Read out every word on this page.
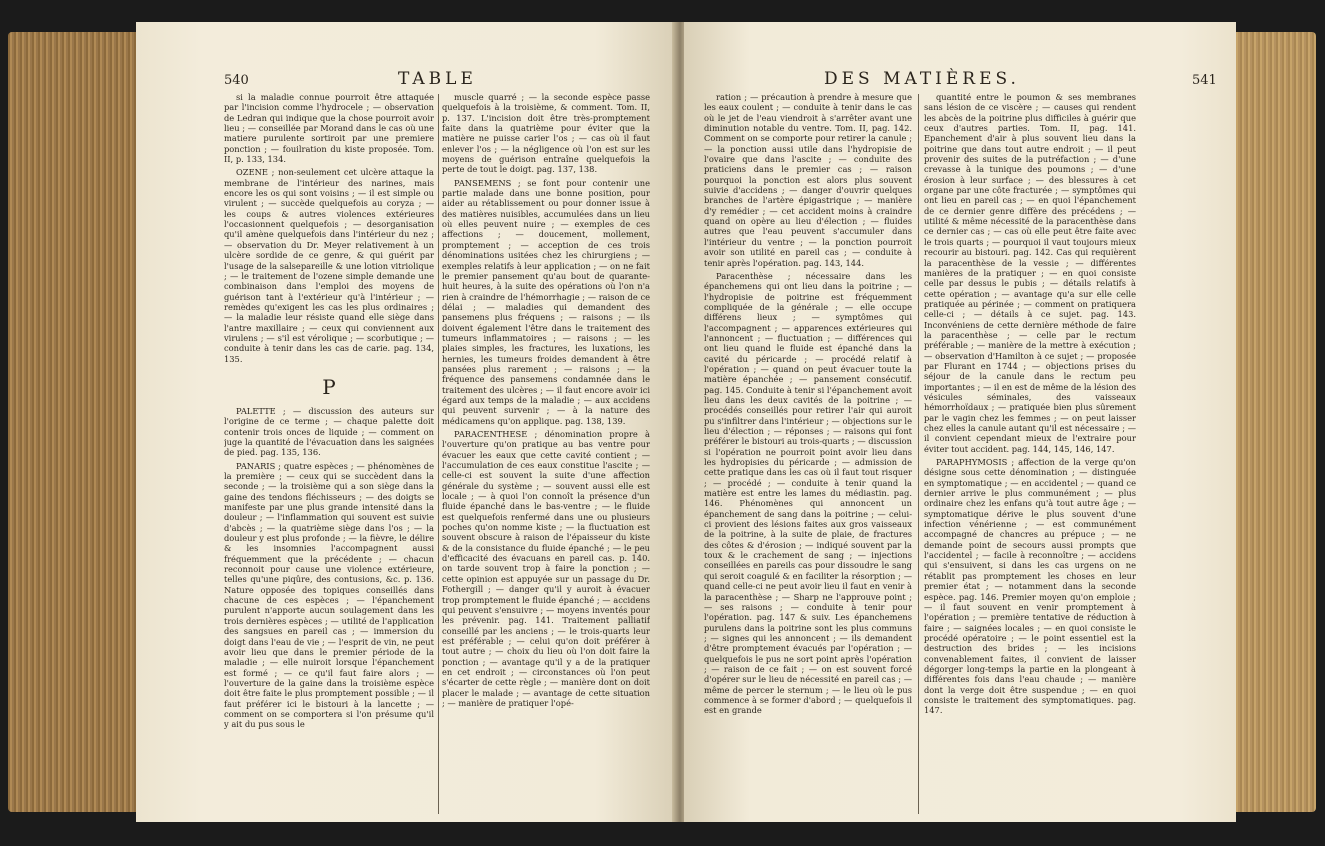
540	TABLE

si la maladie connue pourroit être attaquée par l'incision comme l'hydrocele ; — observation de Ledran qui indique que la chose pourroit avoir lieu ; — conseillée par Morand dans le cas où une matiere purulente sortiroit par une premiere ponction ; — fouilration du kiste proposée. Tom. II, p. 133, 134.

OZENE ; non-seulement cet ulcère attaque la membrane de l'intérieur des narines, mais encore les os qui sont voisins ; — il est simple ou virulent ; — succède quelquefois au coryza ; — les coups & autres violences extérieures l'occasionnent quelquefois ; — desorganisation qu'il amène quelquefois dans l'intérieur du nez ; — observation du Dr. Meyer relativement à un ulcère sordide de ce genre, & qui guérit par l'usage de la salsepareille & une lotion vitriolique ; — le traitement de l'ozene simple demande une combinaison dans l'emploi des moyens de guérison tant à l'extérieur qu'à l'intérieur ; — remèdes qu'exigent les cas les plus ordinaires ; — la maladie leur résiste quand elle siège dans l'antre maxillaire ; — ceux qui conviennent aux virulens ; — s'il est vérolique ; — scorbutique ; — conduite à tenir dans les cas de carie. pag. 134, 135.

P

PALETTE ; — discussion des auteurs sur l'origine de ce terme ; — chaque palette doit contenir trois onces de liquide ; — comment on juge la quantité de l'évacuation dans les saignées de pied. pag. 135, 136.

PANARIS ; quatre espèces ; — phénomènes de la première ; — ceux qui se succèdent dans la seconde ; — la troisième qui a son siège dans la gaine des tendons fléchisseurs ; — des doigts se manifeste par une plus grande intensité dans la douleur ; — l'inflammation qui souvent est suivie d'abcès ; — la quatrième siège dans l'os ; — la douleur y est plus profonde ; — la fièvre, le délire & les insomnies l'accompagnent aussi fréquemment que la précédente ; — chacun reconnoit pour cause une violence extérieure, telles qu'une piqûre, des contusions, &c. p. 136. Nature opposée des topiques conseillés dans chacune de ces espèces ; — l'épanchement purulent n'apporte aucun soulagement dans les trois dernières espèces ; — utilité de l'application des sangsues en pareil cas ; — immersion du doigt dans l'eau de vie ; — l'esprit de vin, ne peut avoir lieu que dans le premier période de la maladie ; — elle nuiroit lorsque l'épanchement est formé ; — ce qu'il faut faire alors ; — l'ouverture de la gaine dans la troisième espèce doit être faite le plus promptement possible ; — il faut préférer ici le bistouri à la lancette ; — comment on se comportera si l'on présume qu'il y ait du pus sous le

muscle quarré ; — la seconde espèce passe quelquefois à la troisième, & comment. Tom. II, p. 137. L'incision doit être très-promptement faite dans la quatrième pour éviter que la matière ne puisse carier l'os ; — cas où il faut enlever l'os ; — la négligence où l'on est sur les moyens de guérison entraîne quelquefois la perte de tout le doigt. pag. 137, 138.

PANSEMENS ; se font pour contenir une partie malade dans une bonne position, pour aider au rétablissement ou pour donner issue à des matières nuisibles, accumulées dans un lieu où elles peuvent nuire ; — exemples de ces affections ; — doucement, mollement, promptement ; — acception de ces trois dénominations usitées chez les chirurgiens ; — exemples relatifs à leur application ; — on ne fait le premier pansement qu'au bout de quarante-huit heures, à la suite des opérations où l'on n'a rien à craindre de l'hémorrhagie ; — raison de ce délai ; — maladies qui demandent des pansemens plus fréquens ; — raisons ; — ils doivent également l'être dans le traitement des tumeurs inflammatoires ; — raisons ; — les plaies simples, les fractures, les luxations, les hernies, les tumeurs froides demandent à être pansées plus rarement ; — raisons ; — la fréquence des pansemens condamnée dans le traitement des ulcères ; — il faut encore avoir ici égard aux temps de la maladie ; — aux accidens qui peuvent survenir ; — à la nature des médicamens qu'on applique. pag. 138, 139.

PARACENTHESE ; dénomination propre à l'ouverture qu'on pratique au bas ventre pour évacuer les eaux que cette cavité contient ; — l'accumulation de ces eaux constitue l'ascite ; — celle-ci est souvent la suite d'une affection générale du système ; — souvent aussi elle est locale ; — à quoi l'on connoît la présence d'un fluide épanché dans le bas-ventre ; — le fluide est quelquefois renfermé dans une ou plusieurs poches qu'on nomme kiste ; — la fluctuation est souvent obscure à raison de l'épaisseur du kiste & de la consistance du fluide épanché ; — le peu d'efficacité des évacuans en pareil cas. p. 140. on tarde souvent trop à faire la ponction ; — cette opinion est appuyée sur un passage du Dr. Fothergill ; — danger qu'il y auroit à évacuer trop promptement le fluide épanché ; — accidens qui peuvent s'ensuivre ; — moyens inventés pour les prévenir. pag. 141. Traitement palliatif conseillé par les anciens ; — le trois-quarts leur est préférable ; — celui qu'on doit préférer à tout autre ; — choix du lieu où l'on doit faire la ponction ; — avantage qu'il y a de la pratiquer en cet endroit ; — circonstances où l'on peut s'écarter de cette règle ; — manière dont on doit placer le malade ; — avantage de cette situation ; — manière de pratiquer l'opé-

541
DES MATIÈRES.

ration ; — précaution à prendre à mesure que les eaux coulent ; — conduite à tenir dans le cas où le jet de l'eau viendroit à s'arrêter avant une diminution notable du ventre. Tom. II, pag. 142. Comment on se comporte pour retirer la canule ; — la ponction aussi utile dans l'hydropisie de l'ovaire que dans l'ascite ; — conduite des praticiens dans le premier cas ; — raison pourquoi la ponction est alors plus souvent suivie d'accidens ; — danger d'ouvrir quelques branches de l'artère épigastrique ; — manière d'y remédier ; — cet accident moins à craindre quand on opère au lieu d'élection ; — fluides autres que l'eau peuvent s'accumuler dans l'intérieur du ventre ; — la ponction pourroit avoir son utilité en pareil cas ; — conduite à tenir après l'opération. pag. 143, 144.

Paracenthèse ; nécessaire dans les épanchemens qui ont lieu dans la poitrine ; — l'hydropisie de poitrine est fréquemment compliquée de la générale ; — elle occupe différens lieux ; — symptômes qui l'accompagnent ; — apparences extérieures qui l'annoncent ; — fluctuation ; — différences qui ont lieu quand le fluide est épanché dans la cavité du péricarde ; — procédé relatif à l'opération ; — quand on peut évacuer toute la matière épanchée ; — pansement consécutif. pag. 145. Conduite à tenir si l'épanchement avoit lieu dans les deux cavités de la poitrine ; — procédés conseillés pour retirer l'air qui auroit pu s'infiltrer dans l'intérieur ; — objections sur le lieu d'élection ; — réponses ; — raisons qui font préférer le bistouri au trois-quarts ; — discussion si l'opération ne pourroit point avoir lieu dans les hydropisies du péricarde ; — admission de cette pratique dans les cas où il faut tout risquer ; — procédé ; — conduite à tenir quand la matière est entre les lames du médiastin. pag. 146. Phénomènes qui annoncent un épanchement de sang dans la poitrine ; — celui-ci provient des lésions faites aux gros vaisseaux de la poitrine, à la suite de plaie, de fractures des côtes & d'érosion ; — indiqué souvent par la toux & le crachement de sang ; — injections conseillées en pareils cas pour dissoudre le sang qui seroit coagulé & en faciliter la résorption ; — quand celle-ci ne peut avoir lieu il faut en venir à la paracenthèse ; — Sharp ne l'approuve point ; — ses raisons ; — conduite à tenir pour l'opération. pag. 147 & suiv. Les épanchemens purulens dans la poitrine sont les plus communs ; — signes qui les annoncent ; — ils demandent d'être promptement évacués par l'opération ; — quelquefois le pus ne sort point après l'opération ; — raison de ce fait ; — on est souvent forcé d'opérer sur le lieu de nécessité en pareil cas ; — même de percer le sternum ; — le lieu où le pus commence à se former d'abord ; — quelquefois il est en grande

quantité entre le poumon & ses membranes sans lésion de ce viscère ; — causes qui rendent les abcès de la poitrine plus difficiles à guérir que ceux d'autres parties. Tom. II, pag. 141. Epanchement d'air à plus souvent lieu dans la poitrine que dans tout autre endroit ; — il peut provenir des suites de la putréfaction ; — d'une crevasse à la tunique des poumons ; — d'une érosion à leur surface ; — des blessures à cet organe par une côte fracturée ; — symptômes qui ont lieu en pareil cas ; — en quoi l'épanchement de ce dernier genre diffère des précédens ; — utilité & même nécessité de la paracenthèse dans ce dernier cas ; — cas où elle peut être faite avec le trois quarts ; — pourquoi il vaut toujours mieux recourir au bistouri. pag. 142. Cas qui requièrent la paracenthèse de la vessie ; — différentes manières de la pratiquer ; — en quoi consiste celle par dessus le pubis ; — détails relatifs à cette opération ; — avantage qu'a sur elle celle pratiquée au périnée ; — comment on pratiquera celle-ci ; — détails à ce sujet. pag. 143. Inconvéniens de cette dernière méthode de faire la paracenthèse ; — celle par le rectum préférable ; — manière de la mettre à exécution ; — observation d'Hamilton à ce sujet ; — proposée par Flurant en 1744 ; — objections prises du séjour de la canule dans le rectum peu importantes ; — il en est de même de la lésion des vésicules séminales, des vaisseaux hémorrhoïdaux ; — pratiquée bien plus sûrement par le vagin chez les femmes ; — on peut laisser chez elles la canule autant qu'il est nécessaire ; — il convient cependant mieux de l'extraire pour éviter tout accident. pag. 144, 145, 146, 147.

PARAPHYMOSIS ; affection de la verge qu'on désigne sous cette dénomination ; — distinguée en symptomatique ; — en accidentel ; — quand ce dernier arrive le plus communément ; — plus ordinaire chez les enfans qu'à tout autre âge ; — symptomatique dérive le plus souvent d'une infection vénérienne ; — est communément accompagné de chancres au prépuce ; — ne demande point de secours aussi prompts que l'accidentel ; — facile à reconnoître ; — accidens qui s'ensuivent, si dans les cas urgens on ne rétablit pas promptement les choses en leur premier état ; — notamment dans la seconde espèce. pag. 146. Premier moyen qu'on emploie ; — il faut souvent en venir promptement à l'opération ; — première tentative de réduction à faire ; — saignées locales ; — en quoi consiste le procédé opératoire ; — le point essentiel est la destruction des brides ; — les incisions convenablement faites, il convient de laisser dégorger long-temps la partie en la plongeant à différentes fois dans l'eau chaude ; — manière dont la verge doit être suspendue ; — en quoi consiste le traitement des symptomatiques. pag. 147.
